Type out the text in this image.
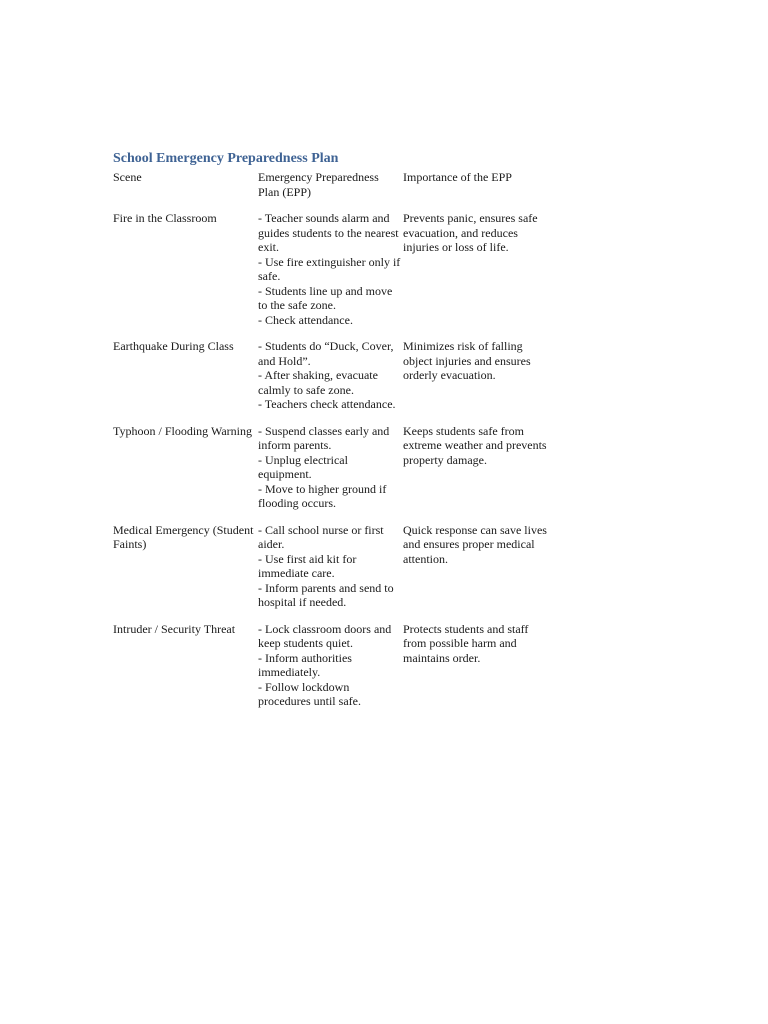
School Emergency Preparedness Plan
Scene	Emergency Preparedness Plan (EPP)	Importance of the EPP
Fire in the Classroom	- Teacher sounds alarm and guides students to the nearest exit.
- Use fire extinguisher only if safe.
- Students line up and move to the safe zone.
- Check attendance.	Prevents panic, ensures safe evacuation, and reduces injuries or loss of life.
Earthquake During Class	- Students do “Duck, Cover, and Hold”.
- After shaking, evacuate calmly to safe zone.
- Teachers check attendance.	Minimizes risk of falling object injuries and ensures orderly evacuation.
Typhoon / Flooding Warning	- Suspend classes early and inform parents.
- Unplug electrical equipment.
- Move to higher ground if flooding occurs.	Keeps students safe from extreme weather and prevents property damage.
Medical Emergency (Student Faints)	- Call school nurse or first aider.
- Use first aid kit for immediate care.
- Inform parents and send to hospital if needed.	Quick response can save lives and ensures proper medical attention.
Intruder / Security Threat	- Lock classroom doors and keep students quiet.
- Inform authorities immediately.
- Follow lockdown procedures until safe.	Protects students and staff from possible harm and maintains order.
